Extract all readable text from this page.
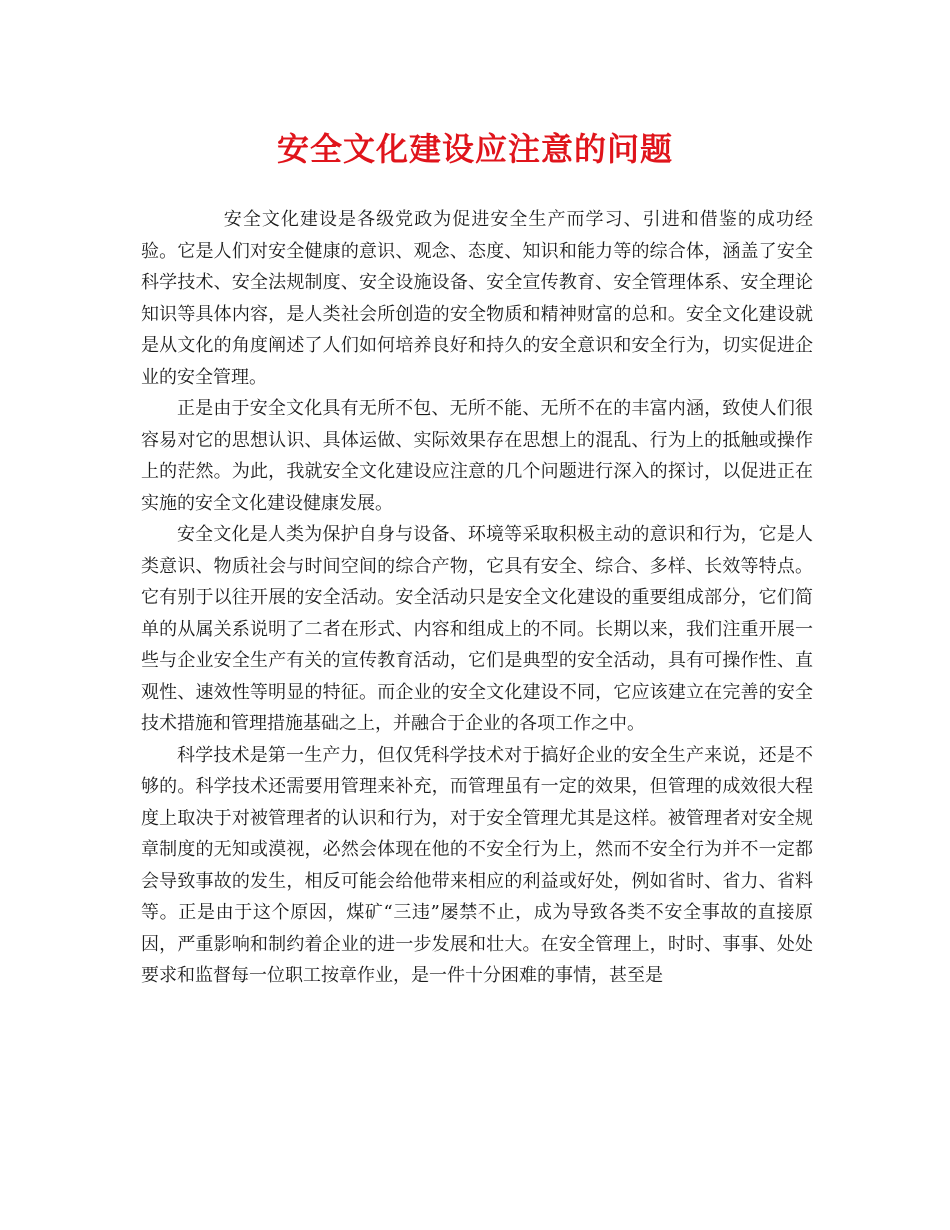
安全文化建设应注意的问题

安全文化建设是各级党政为促进安全生产而学习、引进和借鉴的成功经验。它是人们对安全健康的意识、观念、态度、知识和能力等的综合体，涵盖了安全科学技术、安全法规制度、安全设施设备、安全宣传教育、安全管理体系、安全理论知识等具体内容，是人类社会所创造的安全物质和精神财富的总和。安全文化建设就是从文化的角度阐述了人们如何培养良好和持久的安全意识和安全行为，切实促进企业的安全管理。

正是由于安全文化具有无所不包、无所不能、无所不在的丰富内涵，致使人们很容易对它的思想认识、具体运做、实际效果存在思想上的混乱、行为上的抵触或操作上的茫然。为此，我就安全文化建设应注意的几个问题进行深入的探讨，以促进正在实施的安全文化建设健康发展。

安全文化是人类为保护自身与设备、环境等采取积极主动的意识和行为，它是人类意识、物质社会与时间空间的综合产物，它具有安全、综合、多样、长效等特点。它有别于以往开展的安全活动。安全活动只是安全文化建设的重要组成部分，它们简单的从属关系说明了二者在形式、内容和组成上的不同。长期以来，我们注重开展一些与企业安全生产有关的宣传教育活动，它们是典型的安全活动，具有可操作性、直观性、速效性等明显的特征。而企业的安全文化建设不同，它应该建立在完善的安全技术措施和管理措施基础之上，并融合于企业的各项工作之中。

科学技术是第一生产力，但仅凭科学技术对于搞好企业的安全生产来说，还是不够的。科学技术还需要用管理来补充，而管理虽有一定的效果，但管理的成效很大程度上取决于对被管理者的认识和行为，对于安全管理尤其是这样。被管理者对安全规章制度的无知或漠视，必然会体现在他的不安全行为上，然而不安全行为并不一定都会导致事故的发生，相反可能会给他带来相应的利益或好处，例如省时、省力、省料等。正是由于这个原因，煤矿“三违”屡禁不止，成为导致各类不安全事故的直接原因，严重影响和制约着企业的进一步发展和壮大。在安全管理上，时时、事事、处处要求和监督每一位职工按章作业，是一件十分困难的事情，甚至是
